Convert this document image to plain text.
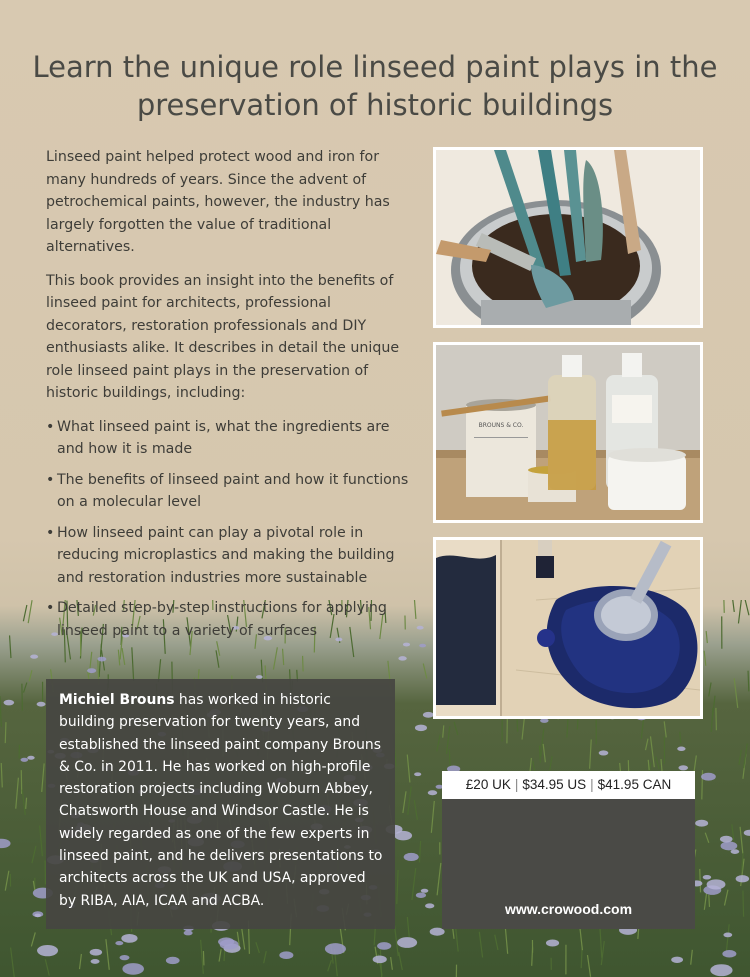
Learn the unique role linseed paint plays in the preservation of historic buildings

Linseed paint helped protect wood and iron for many hundreds of years. Since the advent of petrochemical paints, however, the industry has largely forgotten the value of traditional alternatives.

This book provides an insight into the benefits of linseed paint for architects, professional decorators, restoration professionals and DIY enthusiasts alike. It describes in detail the unique role linseed paint plays in the preservation of historic buildings, including:

• What linseed paint is, what the ingredients are and how it is made
• The benefits of linseed paint and how it functions on a molecular level
• How linseed paint can play a pivotal role in reducing microplastics and making the building and restoration industries more sustainable
• Detailed step-by-step instructions for applying linseed paint to a variety of surfaces
BROUNS & CO.
Michiel Brouns has worked in historic building preservation for twenty years, and established the linseed paint company Brouns & Co. in 2011. He has worked on high-profile restoration projects including Woburn Abbey, Chatsworth House and Windsor Castle. He is widely regarded as one of the few experts in linseed paint, and he delivers presentations to architects across the UK and USA, approved by RIBA, AIA, ICAA and ACBA.
£20 UK | $34.95 US | $41.95 CAN
www.crowood.com
